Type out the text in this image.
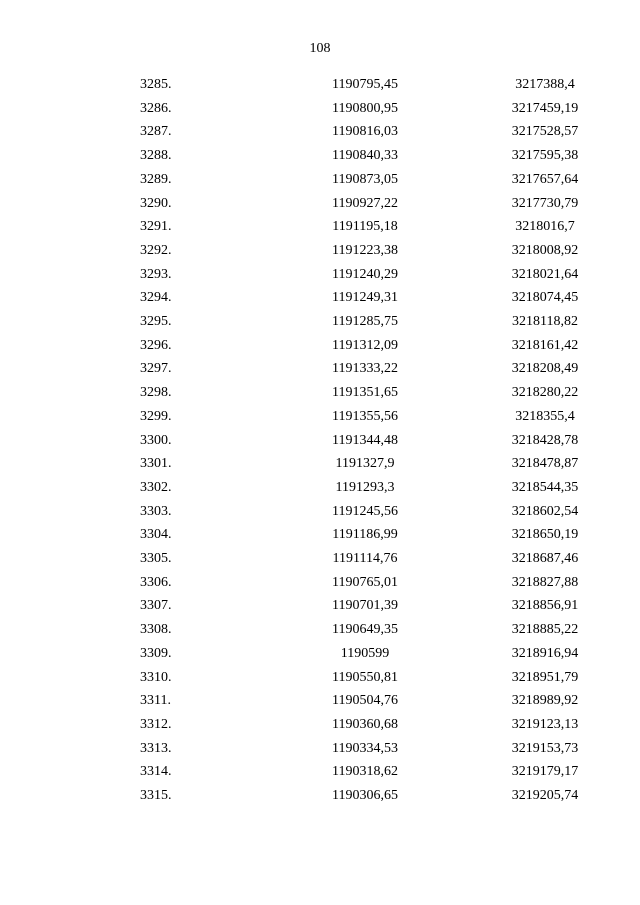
108
3285.	1190795,45	3217388,4
3286.	1190800,95	3217459,19
3287.	1190816,03	3217528,57
3288.	1190840,33	3217595,38
3289.	1190873,05	3217657,64
3290.	1190927,22	3217730,79
3291.	1191195,18	3218016,7
3292.	1191223,38	3218008,92
3293.	1191240,29	3218021,64
3294.	1191249,31	3218074,45
3295.	1191285,75	3218118,82
3296.	1191312,09	3218161,42
3297.	1191333,22	3218208,49
3298.	1191351,65	3218280,22
3299.	1191355,56	3218355,4
3300.	1191344,48	3218428,78
3301.	1191327,9	3218478,87
3302.	1191293,3	3218544,35
3303.	1191245,56	3218602,54
3304.	1191186,99	3218650,19
3305.	1191114,76	3218687,46
3306.	1190765,01	3218827,88
3307.	1190701,39	3218856,91
3308.	1190649,35	3218885,22
3309.	1190599	3218916,94
3310.	1190550,81	3218951,79
3311.	1190504,76	3218989,92
3312.	1190360,68	3219123,13
3313.	1190334,53	3219153,73
3314.	1190318,62	3219179,17
3315.	1190306,65	3219205,74
